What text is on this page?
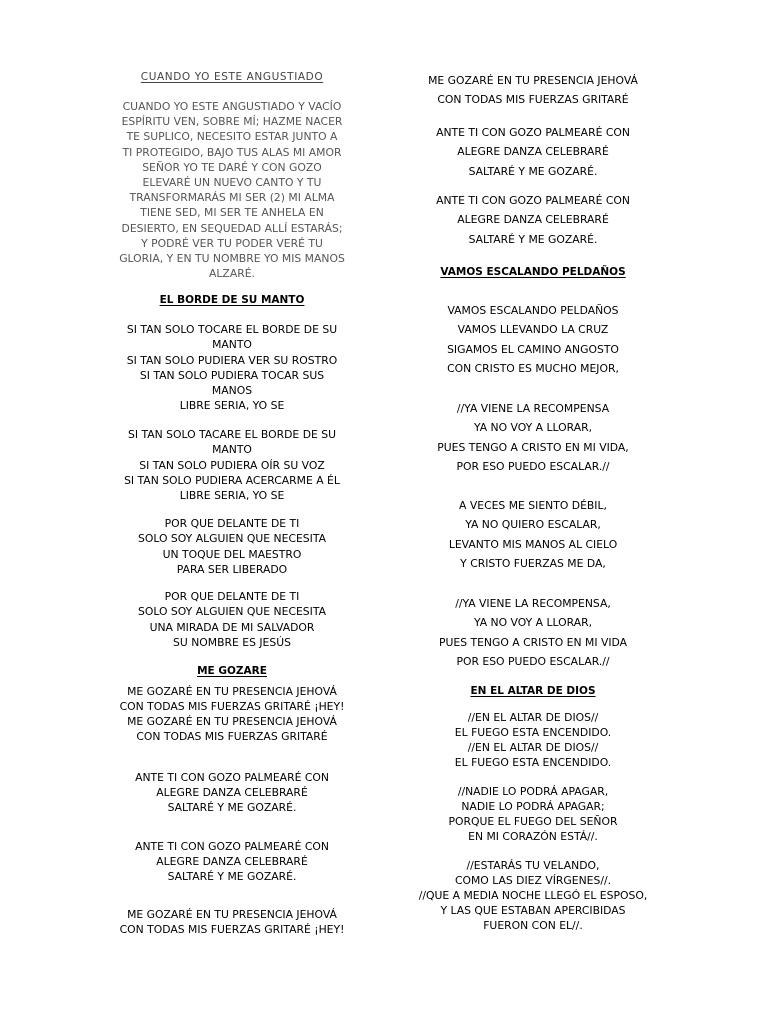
CUANDO YO ESTE ANGUSTIADO
CUANDO YO ESTE ANGUSTIADO Y VACÍO
ESPÍRITU VEN, SOBRE MÍ; HAZME NACER
TE SUPLICO, NECESITO ESTAR JUNTO A
TI PROTEGIDO, BAJO TUS ALAS MI AMOR
SEÑOR YO TE DARÉ Y CON GOZO
ELEVARÉ UN NUEVO CANTO Y TU
TRANSFORMARÁS MI SER (2) MI ALMA
TIENE SED, MI SER TE ANHELA EN
DESIERTO, EN SEQUEDAD ALLÍ ESTARÁS;
Y PODRÉ VER TU PODER VERÉ TU
GLORIA, Y EN TU NOMBRE YO MIS MANOS
ALZARÉ.
EL BORDE DE SU MANTO
SI TAN SOLO TOCARE EL BORDE DE SU
MANTO
SI TAN SOLO PUDIERA VER SU ROSTRO
SI TAN SOLO PUDIERA TOCAR SUS
MANOS
LIBRE SERIA, YO SE
SI TAN SOLO TACARE EL BORDE DE SU
MANTO
SI TAN SOLO PUDIERA OÍR SU VOZ
SI TAN SOLO PUDIERA ACERCARME A ÉL
LIBRE SERIA, YO SE
POR QUE DELANTE DE TI
SOLO SOY ALGUIEN QUE NECESITA
UN TOQUE DEL MAESTRO
PARA SER LIBERADO
POR QUE DELANTE DE TI
SOLO SOY ALGUIEN QUE NECESITA
UNA MIRADA DE MI SALVADOR
SU NOMBRE ES JESÚS
ME GOZARE
ME GOZARÉ EN TU PRESENCIA JEHOVÁ
CON TODAS MIS FUERZAS GRITARÉ ¡HEY!
ME GOZARÉ EN TU PRESENCIA JEHOVÁ
CON TODAS MIS FUERZAS GRITARÉ
ANTE TI CON GOZO PALMEARÉ CON
ALEGRE DANZA CELEBRARÉ
SALTARÉ Y ME GOZARÉ.
ANTE TI CON GOZO PALMEARÉ CON
ALEGRE DANZA CELEBRARÉ
SALTARÉ Y ME GOZARÉ.
ME GOZARÉ EN TU PRESENCIA JEHOVÁ
CON TODAS MIS FUERZAS GRITARÉ ¡HEY!
ME GOZARÉ EN TU PRESENCIA JEHOVÁ
CON TODAS MIS FUERZAS GRITARÉ
ANTE TI CON GOZO PALMEARÉ CON
ALEGRE DANZA CELEBRARÉ
SALTARÉ Y ME GOZARÉ.
ANTE TI CON GOZO PALMEARÉ CON
ALEGRE DANZA CELEBRARÉ
SALTARÉ Y ME GOZARÉ.
VAMOS ESCALANDO PELDAÑOS
VAMOS ESCALANDO PELDAÑOS
VAMOS LLEVANDO LA CRUZ
SIGAMOS EL CAMINO ANGOSTO
CON CRISTO ES MUCHO MEJOR,
//YA VIENE LA RECOMPENSA
YA NO VOY A LLORAR,
PUES TENGO A CRISTO EN MI VIDA,
POR ESO PUEDO ESCALAR.//
A VECES ME SIENTO DÉBIL,
YA NO QUIERO ESCALAR,
LEVANTO MIS MANOS AL CIELO
Y CRISTO FUERZAS ME DA,
//YA VIENE LA RECOMPENSA,
YA NO VOY A LLORAR,
PUES TENGO A CRISTO EN MI VIDA
POR ESO PUEDO ESCALAR.//
EN EL ALTAR DE DIOS
//EN EL ALTAR DE DIOS//
EL FUEGO ESTA ENCENDIDO.
//EN EL ALTAR DE DIOS//
EL FUEGO ESTA ENCENDIDO.
//NADIE LO PODRÁ APAGAR,
NADIE LO PODRÁ APAGAR;
PORQUE EL FUEGO DEL SEÑOR
EN MI CORAZÓN ESTÁ//.
//ESTARÁS TU VELANDO,
COMO LAS DIEZ VÍRGENES//.
//QUE A MEDIA NOCHE LLEGÓ EL ESPOSO,
Y LAS QUE ESTABAN APERCIBIDAS
FUERON CON EL//.
